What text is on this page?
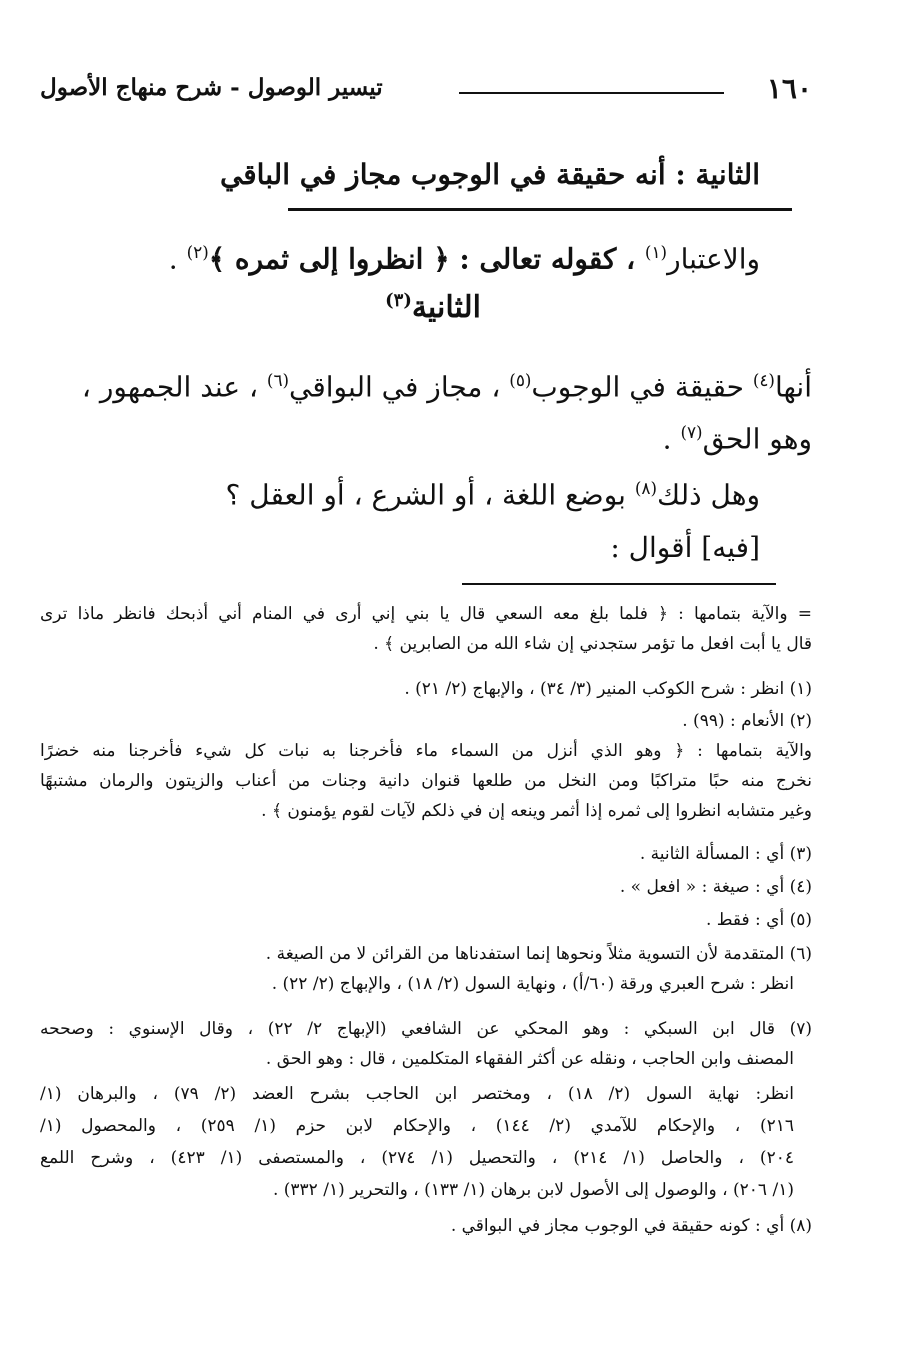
١٦٠
تيسير الوصول - شرح منهاج الأصول
الثانية : أنه حقيقة في الوجوب مجاز في الباقي
والاعتبار$^{(١)}$ ، كقوله تعالى : ﴿ انظروا إلى ثمره ﴾$^{(٢)}$ .
الثانية$^{(٣)}$
أنها$^{(٤)}$ حقيقة في الوجوب$^{(٥)}$ ، مجاز في البواقي$^{(٦)}$ ، عند الجمهور ،
وهو الحق$^{(٧)}$ .
وهل ذلك$^{(٨)}$ بوضع اللغة ، أو الشرع ، أو العقل ؟
[فيه] أقوال :
= والآية بتمامها : ﴿ فلما بلغ معه السعي قال يا بني إني أرى في المنام أني أذبحك فانظر ماذا ترى
قال يا أبت افعل ما تؤمر ستجدني إن شاء الله من الصابرين ﴾ .
(١) انظر : شرح الكوكب المنير (٣/ ٣٤) ، والإبهاج (٢/ ٢١) .
(٢) الأنعام : (٩٩) .
والآية بتمامها : ﴿ وهو الذي أنزل من السماء ماء فأخرجنا به نبات كل شيء فأخرجنا منه خضرًا
نخرج منه حبًا متراكبًا ومن النخل من طلعها قنوان دانية وجنات من أعناب والزيتون والرمان مشتبهًا
وغير متشابه انظروا إلى ثمره إذا أثمر وينعه إن في ذلكم لآيات لقوم يؤمنون ﴾ .
(٣) أي : المسألة الثانية .
(٤) أي : صيغة : « افعل » .
(٥) أي : فقط .
(٦) المتقدمة لأن التسوية مثلاً ونحوها إنما استفدناها من القرائن لا من الصيغة .
انظر : شرح العبري ورقة (٦٠/أ) ، ونهاية السول (٢/ ١٨) ، والإبهاج (٢/ ٢٢) .
(٧) قال ابن السبكي : وهو المحكي عن الشافعي (الإبهاج ٢/ ٢٢) ، وقال الإسنوي : وصححه
المصنف وابن الحاجب ، ونقله عن أكثر الفقهاء المتكلمين ، قال : وهو الحق .
انظر: نهاية السول (٢/ ١٨) ، ومختصر ابن الحاجب بشرح العضد (٢/ ٧٩) ، والبرهان (١/
٢١٦) ، والإحكام للآمدي (٢/ ١٤٤) ، والإحكام لابن حزم (١/ ٢٥٩) ، والمحصول (١/
٢٠٤) ، والحاصل (١/ ٢١٤) ، والتحصيل (١/ ٢٧٤) ، والمستصفى (١/ ٤٢٣) ، وشرح اللمع
(١/ ٢٠٦) ، والوصول إلى الأصول لابن برهان (١/ ١٣٣) ، والتحرير (١/ ٣٣٢) .
(٨) أي : كونه حقيقة في الوجوب مجاز في البواقي .
